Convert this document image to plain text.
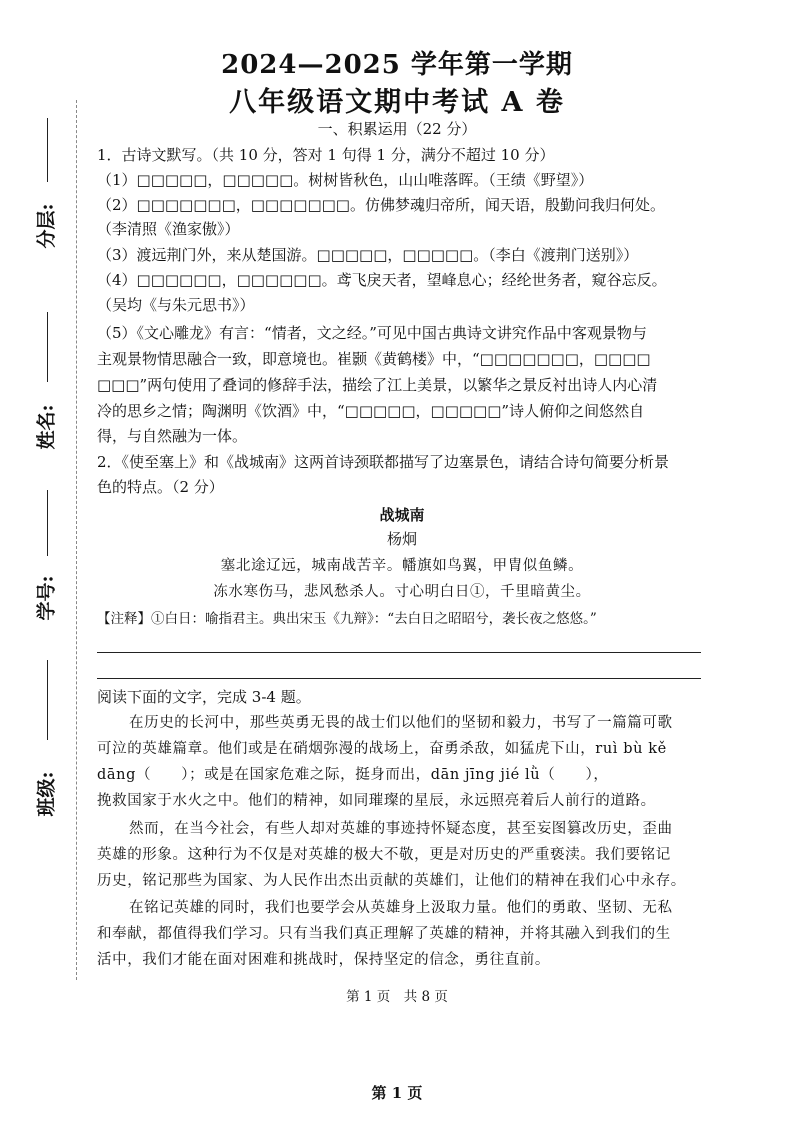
分层:
姓名:
学号:
班级:
2024—2025 学年第一学期
八年级语文期中考试 A 卷
一、积累运用（22 分）
1．古诗文默写。（共 10 分，答对 1 句得 1 分，满分不超过 10 分）
（1）□□□□□，□□□□□。树树皆秋色，山山唯落晖。（王绩《野望》）
（2）□□□□□□□，□□□□□□□。仿佛梦魂归帝所，闻天语，殷勤问我归何处。
（李清照《渔家傲》）
（3）渡远荆门外，来从楚国游。□□□□□，□□□□□。（李白《渡荆门送别》）
（4）□□□□□□，□□□□□□。鸢飞戾天者，望峰息心；经纶世务者，窥谷忘反。
（吴均《与朱元思书》）
（5）《文心雕龙》有言：“情者，文之经。”可见中国古典诗文讲究作品中客观景物与
主观景物情思融合一致，即意境也。崔颢《黄鹤楼》中，“□□□□□□□，□□□□
□□□”两句使用了叠词的修辞手法，描绘了江上美景，以繁华之景反衬出诗人内心清
冷的思乡之情；陶渊明《饮酒》中，“□□□□□，□□□□□”诗人俯仰之间悠然自
得，与自然融为一体。
2．《使至塞上》和《战城南》这两首诗颈联都描写了边塞景色，请结合诗句简要分析景
色的特点。（2 分）
战城南
杨炯
塞北途辽远，城南战苦辛。幡旗如鸟翼，甲胄似鱼鳞。
冻水寒伤马，悲风愁杀人。寸心明白日①，千里暗黄尘。
【注释】①白日：喻指君主。典出宋玉《九辩》：“去白日之昭昭兮，袭长夜之悠悠。”
阅读下面的文字，完成 3-4 题。
在历史的长河中，那些英勇无畏的战士们以他们的坚韧和毅力，书写了一篇篇可歌
可泣的英雄篇章。他们或是在硝烟弥漫的战场上，奋勇杀敌，如猛虎下山，ruì bù kě
dāng（　　）；或是在国家危难之际，挺身而出，dān jīng jié lǜ（　　），
挽救国家于水火之中。他们的精神，如同璀璨的星辰，永远照亮着后人前行的道路。
然而，在当今社会，有些人却对英雄的事迹持怀疑态度，甚至妄图篡改历史，歪曲
英雄的形象。这种行为不仅是对英雄的极大不敬，更是对历史的严重亵渎。我们要铭记
历史，铭记那些为国家、为人民作出杰出贡献的英雄们，让他们的精神在我们心中永存。
在铭记英雄的同时，我们也要学会从英雄身上汲取力量。他们的勇敢、坚韧、无私
和奉献，都值得我们学习。只有当我们真正理解了英雄的精神，并将其融入到我们的生
活中，我们才能在面对困难和挑战时，保持坚定的信念，勇往直前。
第 1 页　共 8 页
第 1 页
